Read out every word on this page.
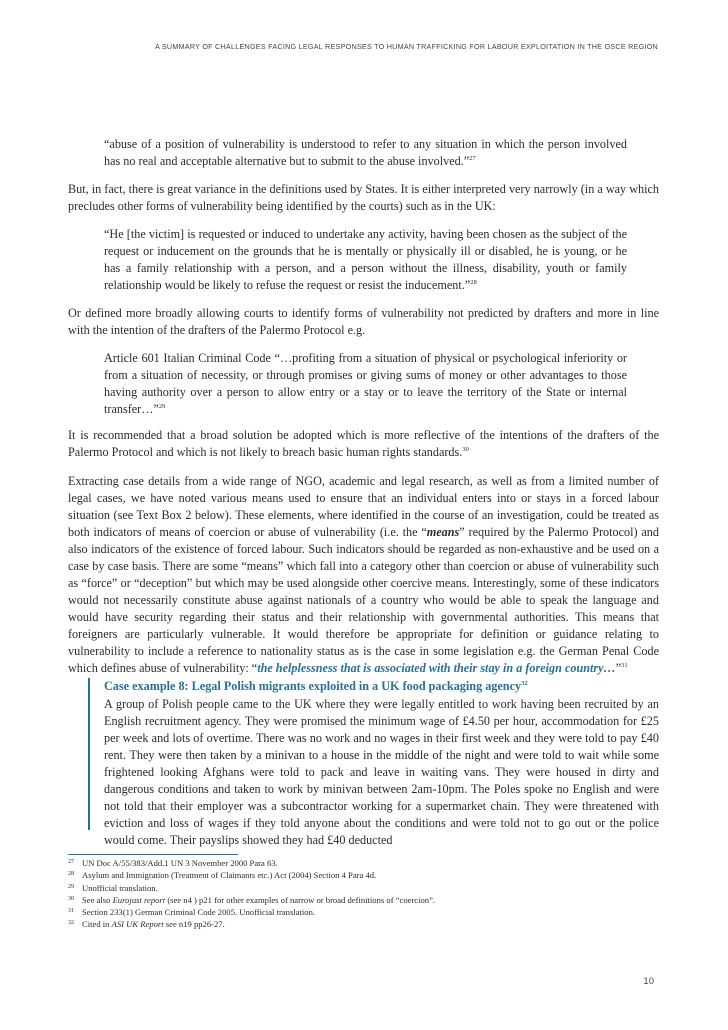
A SUMMARY OF CHALLENGES FACING LEGAL RESPONSES TO HUMAN TRAFFICKING FOR LABOUR EXPLOITATION IN THE OSCE REGION

“abuse of a position of vulnerability is understood to refer to any situation in which the person involved has no real and acceptable alternative but to submit to the abuse involved.”$^{27}$

But, in fact, there is great variance in the definitions used by States. It is either interpreted very narrowly (in a way which precludes other forms of vulnerability being identified by the courts) such as in the UK:

“He [the victim] is requested or induced to undertake any activity, having been chosen as the subject of the request or inducement on the grounds that he is mentally or physically ill or disabled, he is young, or he has a family relationship with a person, and a person without the illness, disability, youth or family relationship would be likely to refuse the request or resist the inducement.”$^{28}$

Or defined more broadly allowing courts to identify forms of vulnerability not predicted by drafters and more in line with the intention of the drafters of the Palermo Protocol e.g.

Article 601 Italian Criminal Code “…profiting from a situation of physical or psychological inferiority or from a situation of necessity, or through promises or giving sums of money or other advantages to those having authority over a person to allow entry or a stay or to leave the territory of the State or internal transfer…”$^{29}$

It is recommended that a broad solution be adopted which is more reflective of the intentions of the drafters of the Palermo Protocol and which is not likely to breach basic human rights standards.$^{30}$

Extracting case details from a wide range of NGO, academic and legal research, as well as from a limited number of legal cases, we have noted various means used to ensure that an individual enters into or stays in a forced labour situation (see Text Box 2 below). These elements, where identified in the course of an investigation, could be treated as both indicators of means of coercion or abuse of vulnerability (i.e. the “means” required by the Palermo Protocol) and also indicators of the existence of forced labour. Such indicators should be regarded as non-exhaustive and be used on a case by case basis. There are some “means” which fall into a category other than coercion or abuse of vulnerability such as “force” or “deception” but which may be used alongside other coercive means. Interestingly, some of these indicators would not necessarily constitute abuse against nationals of a country who would be able to speak the language and would have security regarding their status and their relationship with governmental authorities. This means that foreigners are particularly vulnerable. It would therefore be appropriate for definition or guidance relating to vulnerability to include a reference to nationality status as is the case in some legislation e.g. the German Penal Code which defines abuse of vulnerability: “the helplessness that is associated with their stay in a foreign country…”$^{31}$

Case example 8: Legal Polish migrants exploited in a UK food packaging agency$^{32}$

A group of Polish people came to the UK where they were legally entitled to work having been recruited by an English recruitment agency. They were promised the minimum wage of £4.50 per hour, accommodation for £25 per week and lots of overtime. There was no work and no wages in their first week and they were told to pay £40 rent. They were then taken by a minivan to a house in the middle of the night and were told to wait while some frightened looking Afghans were told to pack and leave in waiting vans. They were housed in dirty and dangerous conditions and taken to work by minivan between 2am-10pm. The Poles spoke no English and were not told that their employer was a subcontractor working for a supermarket chain. They were threatened with eviction and loss of wages if they told anyone about the conditions and were told not to go out or the police would come. Their payslips showed they had £40 deducted

27 UN Doc A/55/383/Add.1 UN 3 November 2000 Para 63.
28 Asylum and Immigration (Treatment of Claimants etc.) Act (2004) Section 4 Para 4d.
29 Unofficial translation.
30 See also Eurojust report (see n4 ) p21 for other examples of narrow or broad definitions of “coercion”.
31 Section 233(1) German Criminal Code 2005. Unofficial translation.
32 Cited in ASI UK Report see n19 pp26-27.
10
